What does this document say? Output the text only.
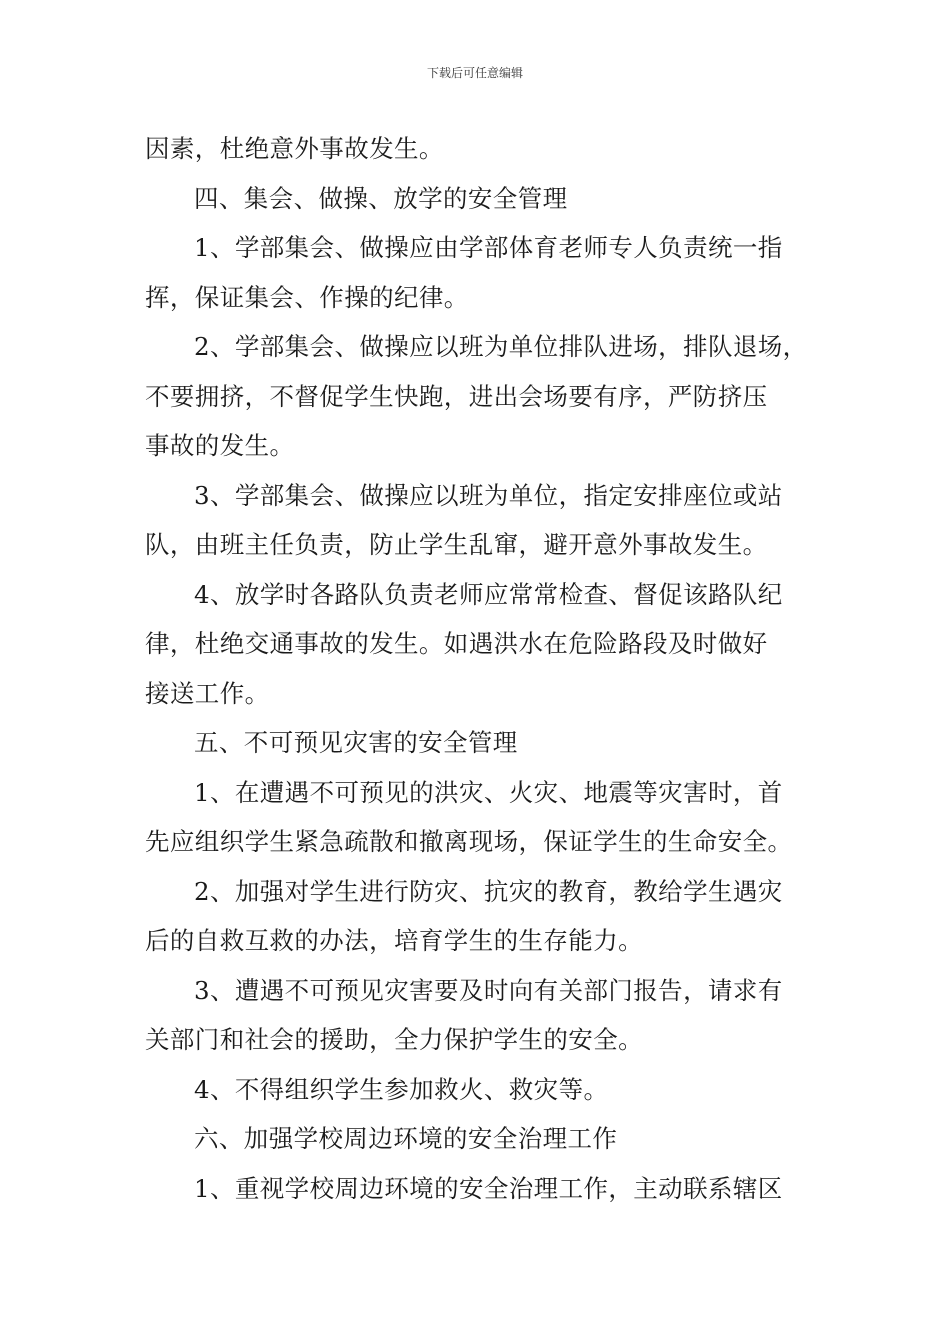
下载后可任意编辑
因素，杜绝意外事故发生。
四、集会、做操、放学的安全管理
1、学部集会、做操应由学部体育老师专人负责统一指
挥，保证集会、作操的纪律。
2、学部集会、做操应以班为单位排队进场，排队退场，
不要拥挤，不督促学生快跑，进出会场要有序，严防挤压
事故的发生。
3、学部集会、做操应以班为单位，指定安排座位或站
队，由班主任负责，防止学生乱窜，避开意外事故发生。
4、放学时各路队负责老师应常常检查、督促该路队纪
律，杜绝交通事故的发生。如遇洪水在危险路段及时做好
接送工作。
五、不可预见灾害的安全管理
1、在遭遇不可预见的洪灾、火灾、地震等灾害时，首
先应组织学生紧急疏散和撤离现场，保证学生的生命安全。
2、加强对学生进行防灾、抗灾的教育，教给学生遇灾
后的自救互救的办法，培育学生的生存能力。
3、遭遇不可预见灾害要及时向有关部门报告，请求有
关部门和社会的援助，全力保护学生的安全。
4、不得组织学生参加救火、救灾等。
六、加强学校周边环境的安全治理工作
1、重视学校周边环境的安全治理工作，主动联系辖区
